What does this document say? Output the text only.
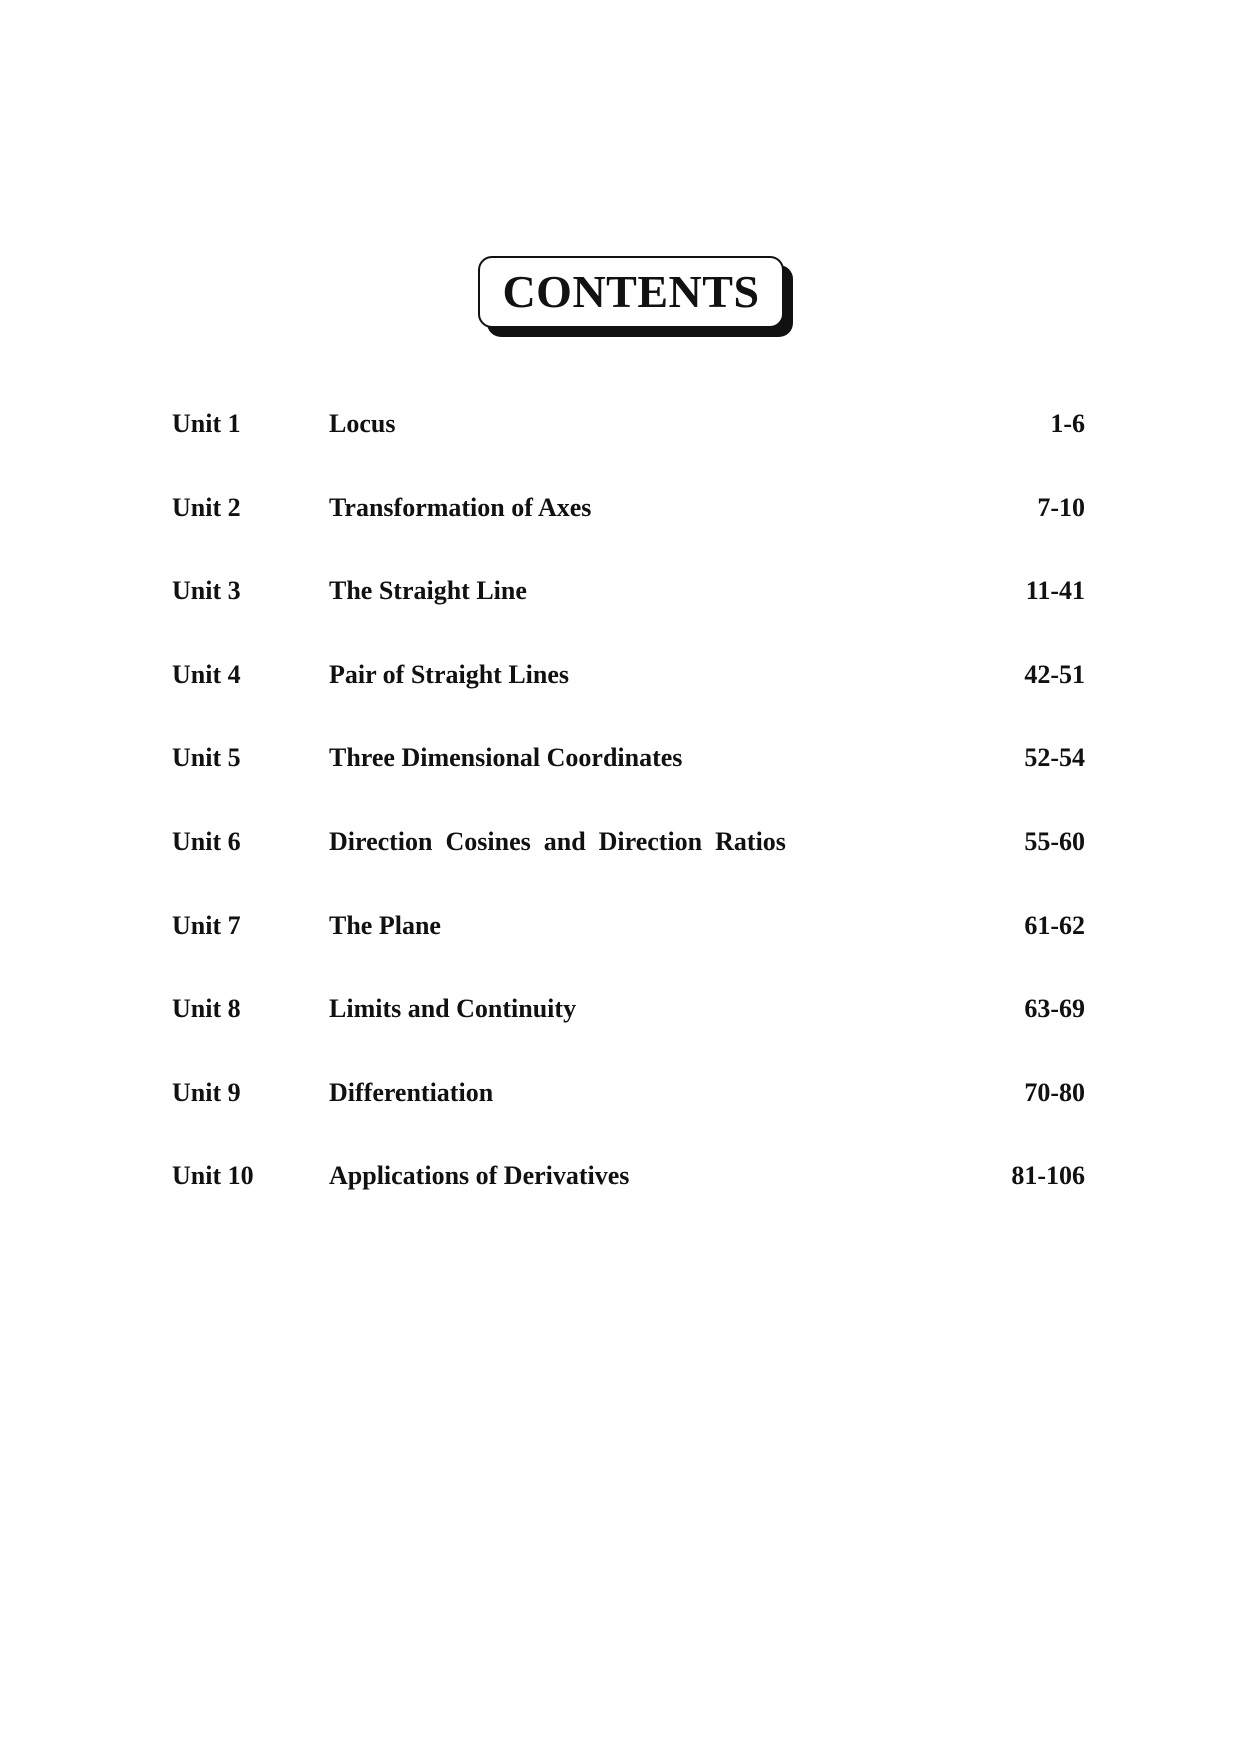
CONTENTS
Unit 1	Locus	1-6
Unit 2	Transformation of Axes	7-10
Unit 3	The Straight Line	11-41
Unit 4	Pair of Straight Lines	42-51
Unit 5	Three Dimensional Coordinates	52-54
Unit 6	Direction  Cosines  and  Direction  Ratios	55-60
Unit 7	The Plane	61-62
Unit 8	Limits and Continuity	63-69
Unit 9	Differentiation	70-80
Unit 10	Applications of Derivatives	81-106
